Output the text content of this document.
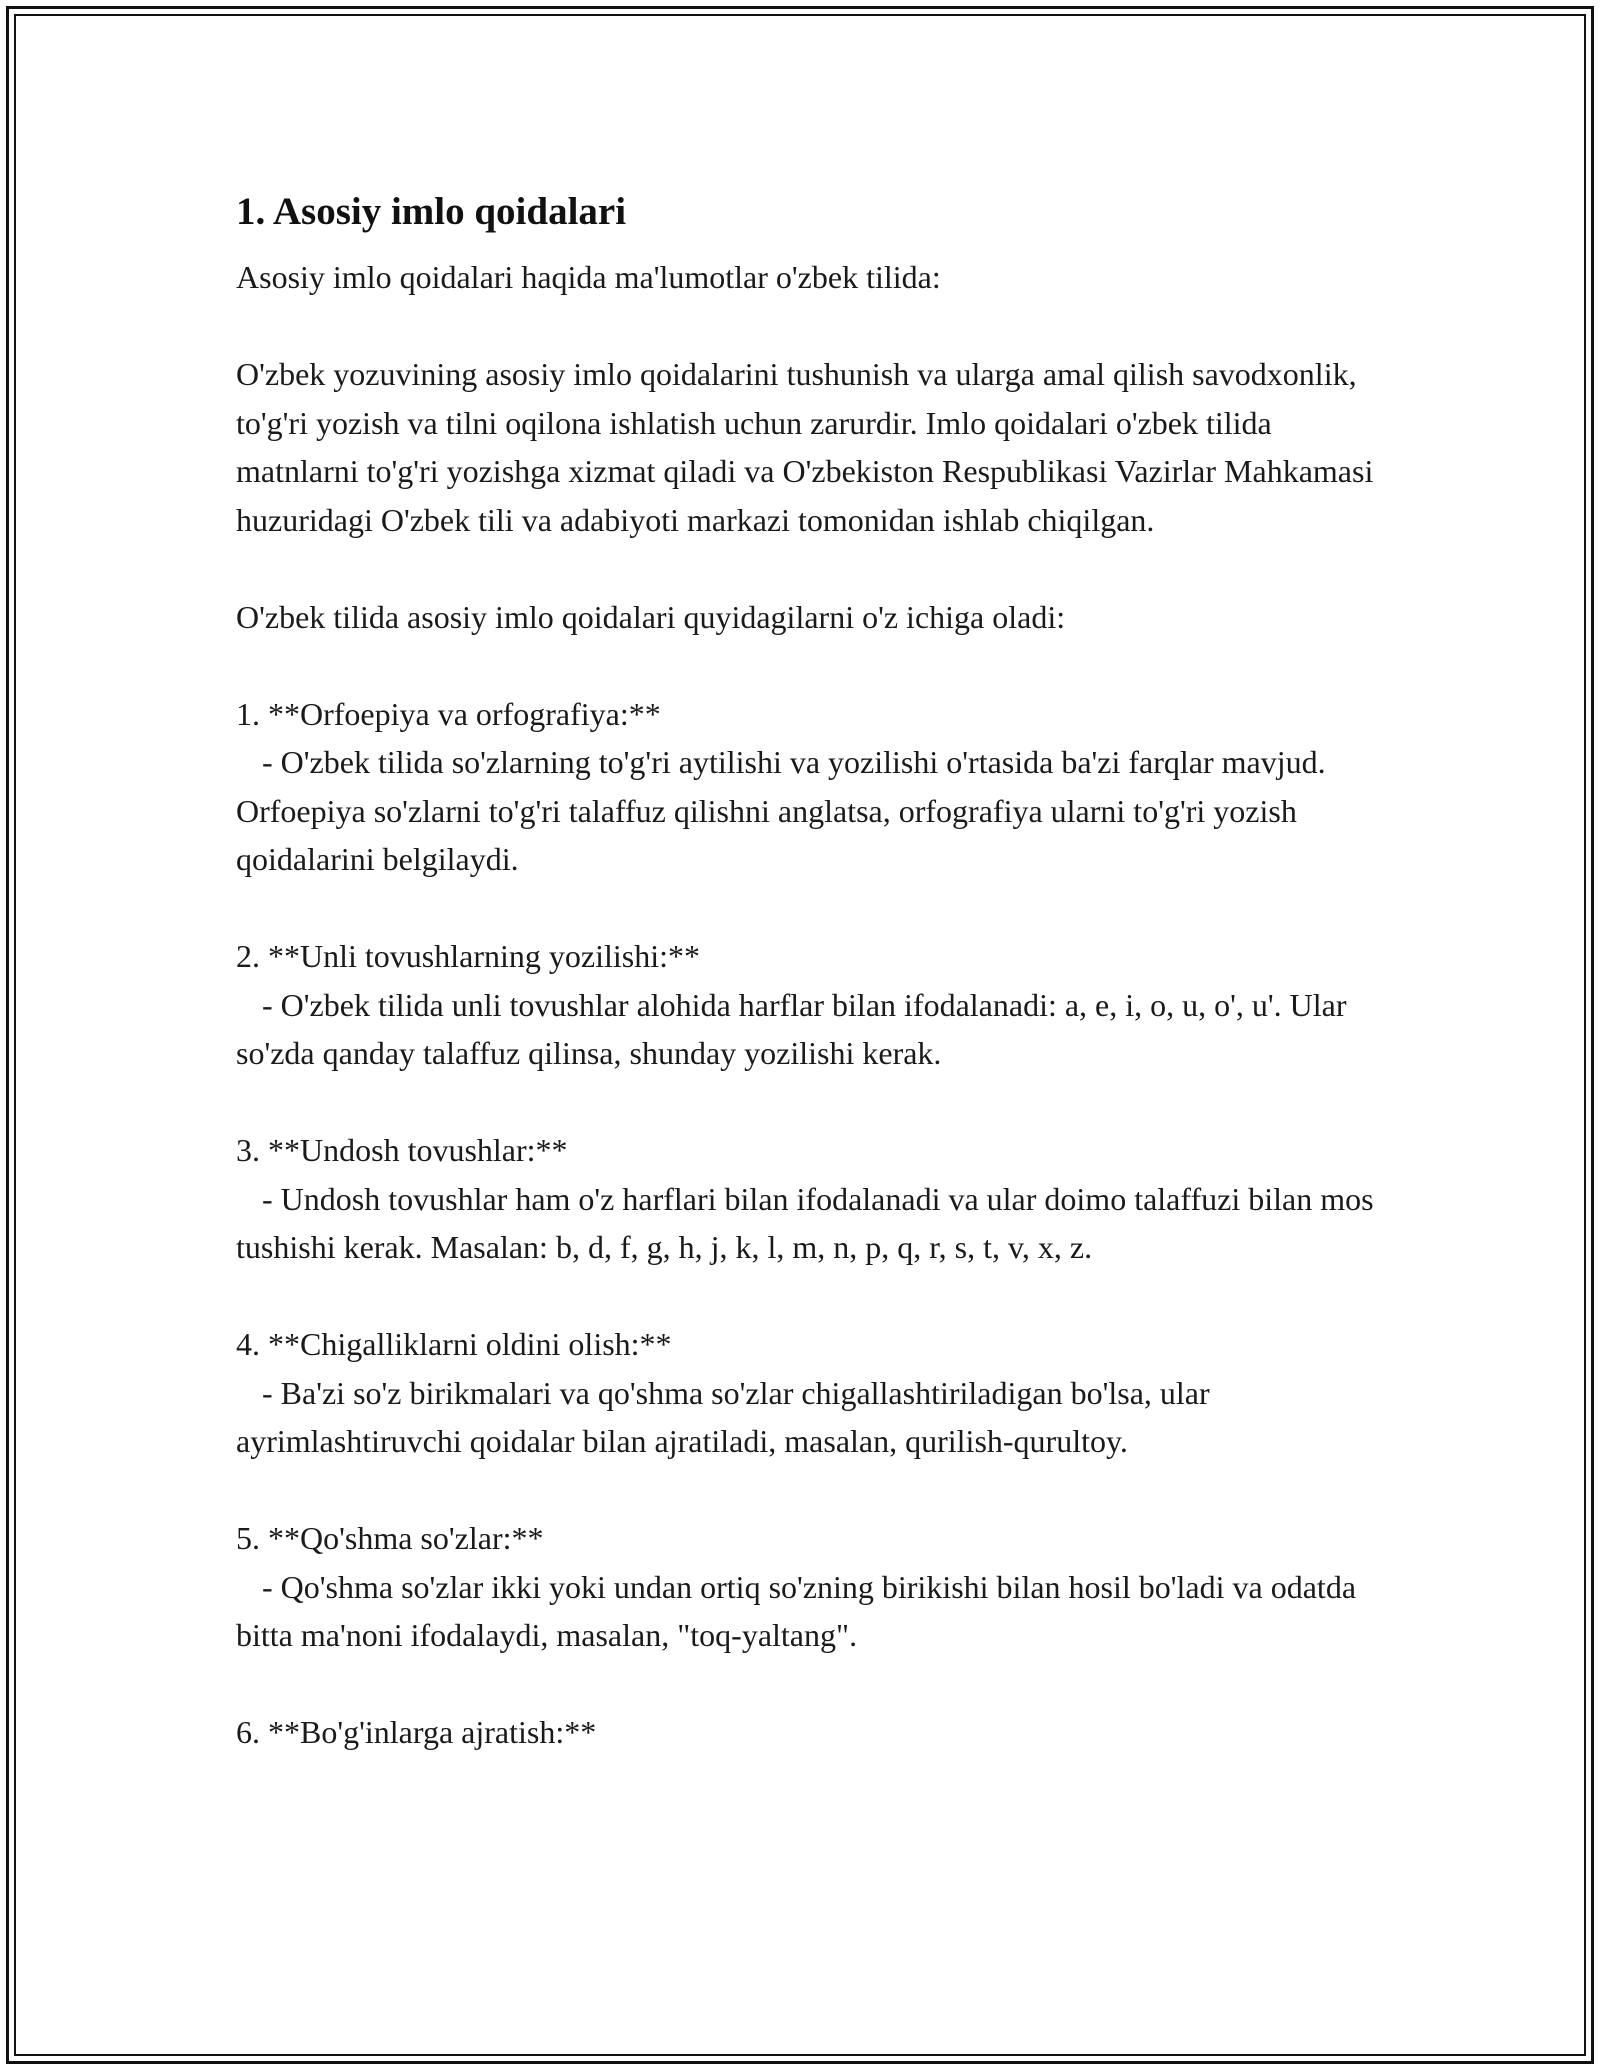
1. Asosiy imlo qoidalari

Asosiy imlo qoidalari haqida ma'lumotlar o'zbek tilida:

O'zbek yozuvining asosiy imlo qoidalarini tushunish va ularga amal qilish savodxonlik, to'g'ri yozish va tilni oqilona ishlatish uchun zarurdir. Imlo qoidalari o'zbek tilida matnlarni to'g'ri yozishga xizmat qiladi va O'zbekiston Respublikasi Vazirlar Mahkamasi huzuridagi O'zbek tili va adabiyoti markazi tomonidan ishlab chiqilgan.

O'zbek tilida asosiy imlo qoidalari quyidagilarni o'z ichiga oladi:

1. **Orfoepiya va orfografiya:**

- O'zbek tilida so'zlarning to'g'ri aytilishi va yozilishi o'rtasida ba'zi farqlar mavjud. Orfoepiya so'zlarni to'g'ri talaffuz qilishni anglatsa, orfografiya ularni to'g'ri yozish qoidalarini belgilaydi.

2. **Unli tovushlarning yozilishi:**

- O'zbek tilida unli tovushlar alohida harflar bilan ifodalanadi: a, e, i, o, u, o', u'. Ular so'zda qanday talaffuz qilinsa, shunday yozilishi kerak.

3. **Undosh tovushlar:**

- Undosh tovushlar ham o'z harflari bilan ifodalanadi va ular doimo talaffuzi bilan mos tushishi kerak. Masalan: b, d, f, g, h, j, k, l, m, n, p, q, r, s, t, v, x, z.

4. **Chigalliklarni oldini olish:**

- Ba'zi so'z birikmalari va qo'shma so'zlar chigallashtiriladigan bo'lsa, ular ayrimlashtiruvchi qoidalar bilan ajratiladi, masalan, qurilish-qurultoy.

5. **Qo'shma so'zlar:**

- Qo'shma so'zlar ikki yoki undan ortiq so'zning birikishi bilan hosil bo'ladi va odatda bitta ma'noni ifodalaydi, masalan, "toq-yaltang".

6. **Bo'g'inlarga ajratish:**
